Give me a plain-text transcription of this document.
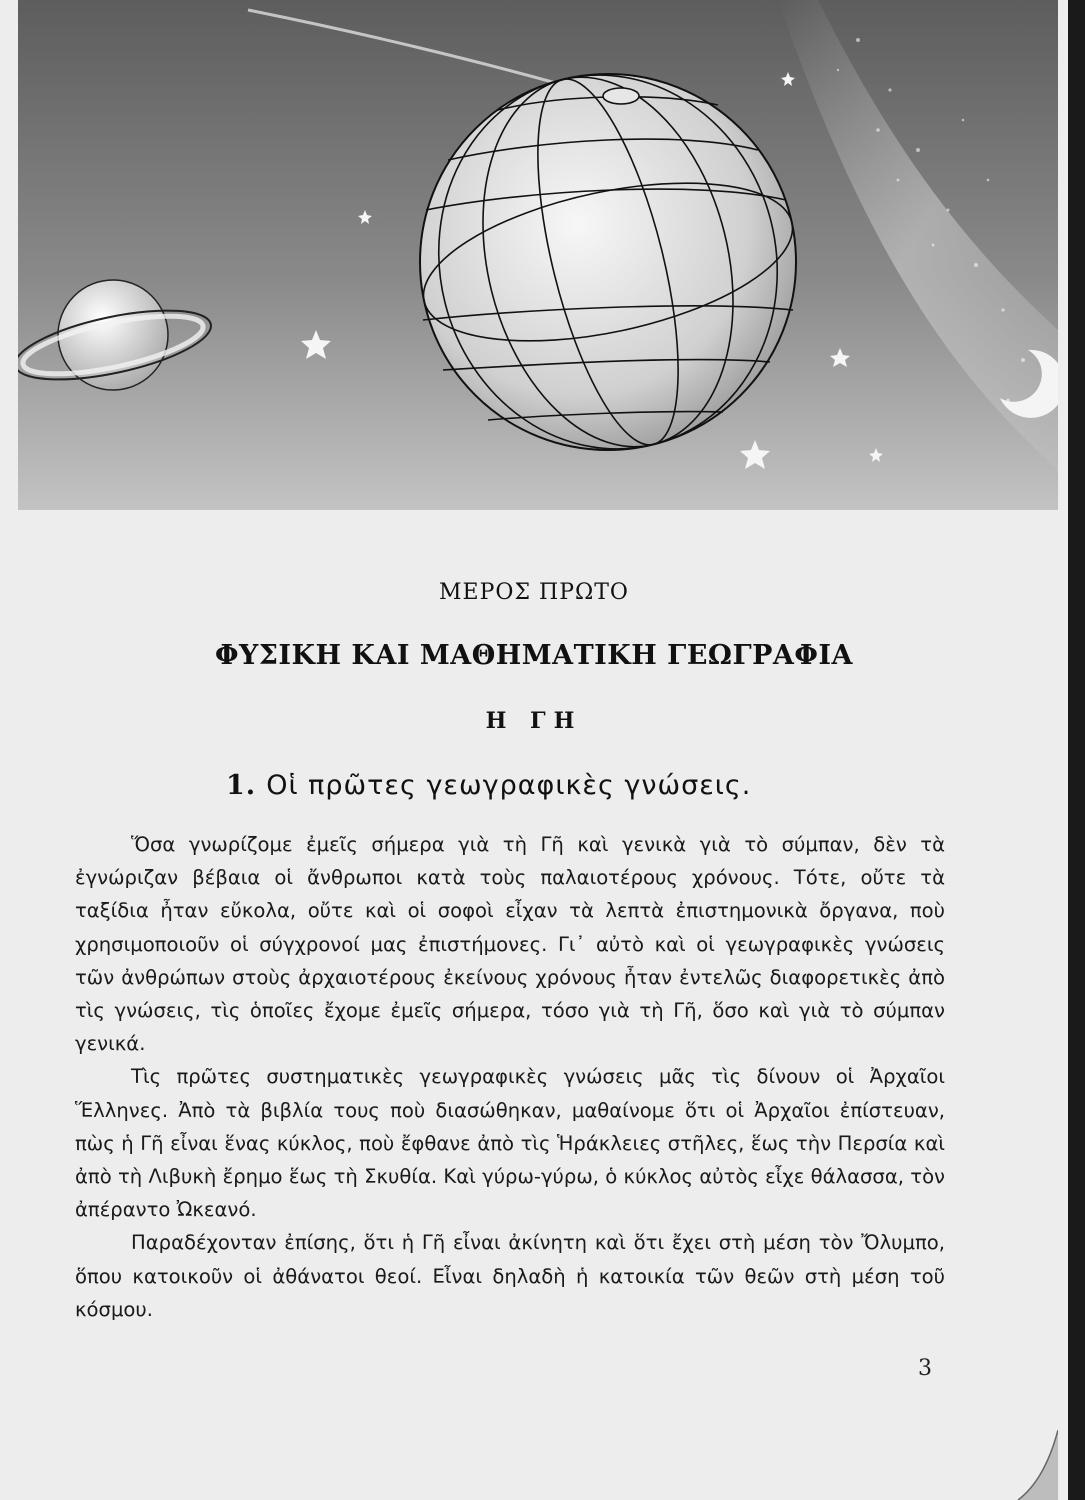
ΜΕΡΟΣ ΠΡΩΤΟ
ΦΥΣΙΚΗ ΚΑΙ ΜΑΘΗΜΑΤΙΚΗ ΓΕΩΓΡΑΦΙΑ
Η ΓΗ
1. Οἱ πρῶτες γεωγραφικὲς γνώσεις.

Ὅσα γνωρίζομε ἐμεῖς σήμερα γιὰ τὴ Γῆ καὶ γενικὰ γιὰ τὸ σύμπαν, δὲν τὰ ἐγνώριζαν βέβαια οἱ ἄνθρωποι κατὰ τοὺς παλαιοτέρους χρόνους. Τότε, οὔτε τὰ ταξίδια ἦταν εὔκολα, οὔτε καὶ οἱ σοφοὶ εἶχαν τὰ λεπτὰ ἐπιστημονικὰ ὄργανα, ποὺ χρησιμοποιοῦν οἱ σύγχρονοί μας ἐπιστήμονες. Γι᾽ αὐτὸ καὶ οἱ γεωγραφικὲς γνώσεις τῶν ἀνθρώπων στοὺς ἀρχαιοτέρους ἐκείνους χρόνους ἦταν ἐντελῶς διαφορετικὲς ἀπὸ τὶς γνώσεις, τὶς ὁποῖες ἔχομε ἐμεῖς σήμερα, τόσο γιὰ τὴ Γῆ, ὅσο καὶ γιὰ τὸ σύμπαν γενικά.

Τὶς πρῶτες συστηματικὲς γεωγραφικὲς γνώσεις μᾶς τὶς δίνουν οἱ Ἀρχαῖοι Ἕλληνες. Ἀπὸ τὰ βιβλία τους ποὺ διασώθηκαν, μαθαίνομε ὅτι οἱ Ἀρχαῖοι ἐπίστευαν, πὼς ἡ Γῆ εἶναι ἕνας κύκλος, ποὺ ἔφθανε ἀπὸ τὶς Ἡράκλειες στῆλες, ἕως τὴν Περσία καὶ ἀπὸ τὴ Λιβυκὴ ἔρημο ἕως τὴ Σκυθία. Καὶ γύρω-γύρω, ὁ κύκλος αὐτὸς εἶχε θάλασσα, τὸν ἀπέραντο Ὠκεανό.

Παραδέχονταν ἐπίσης, ὅτι ἡ Γῆ εἶναι ἀκίνητη καὶ ὅτι ἔχει στὴ μέση τὸν Ὄλυμπο, ὅπου κατοικοῦν οἱ ἀθάνατοι θεοί. Εἶναι δηλαδὴ ἡ κατοικία τῶν θεῶν στὴ μέση τοῦ κόσμου.

3
